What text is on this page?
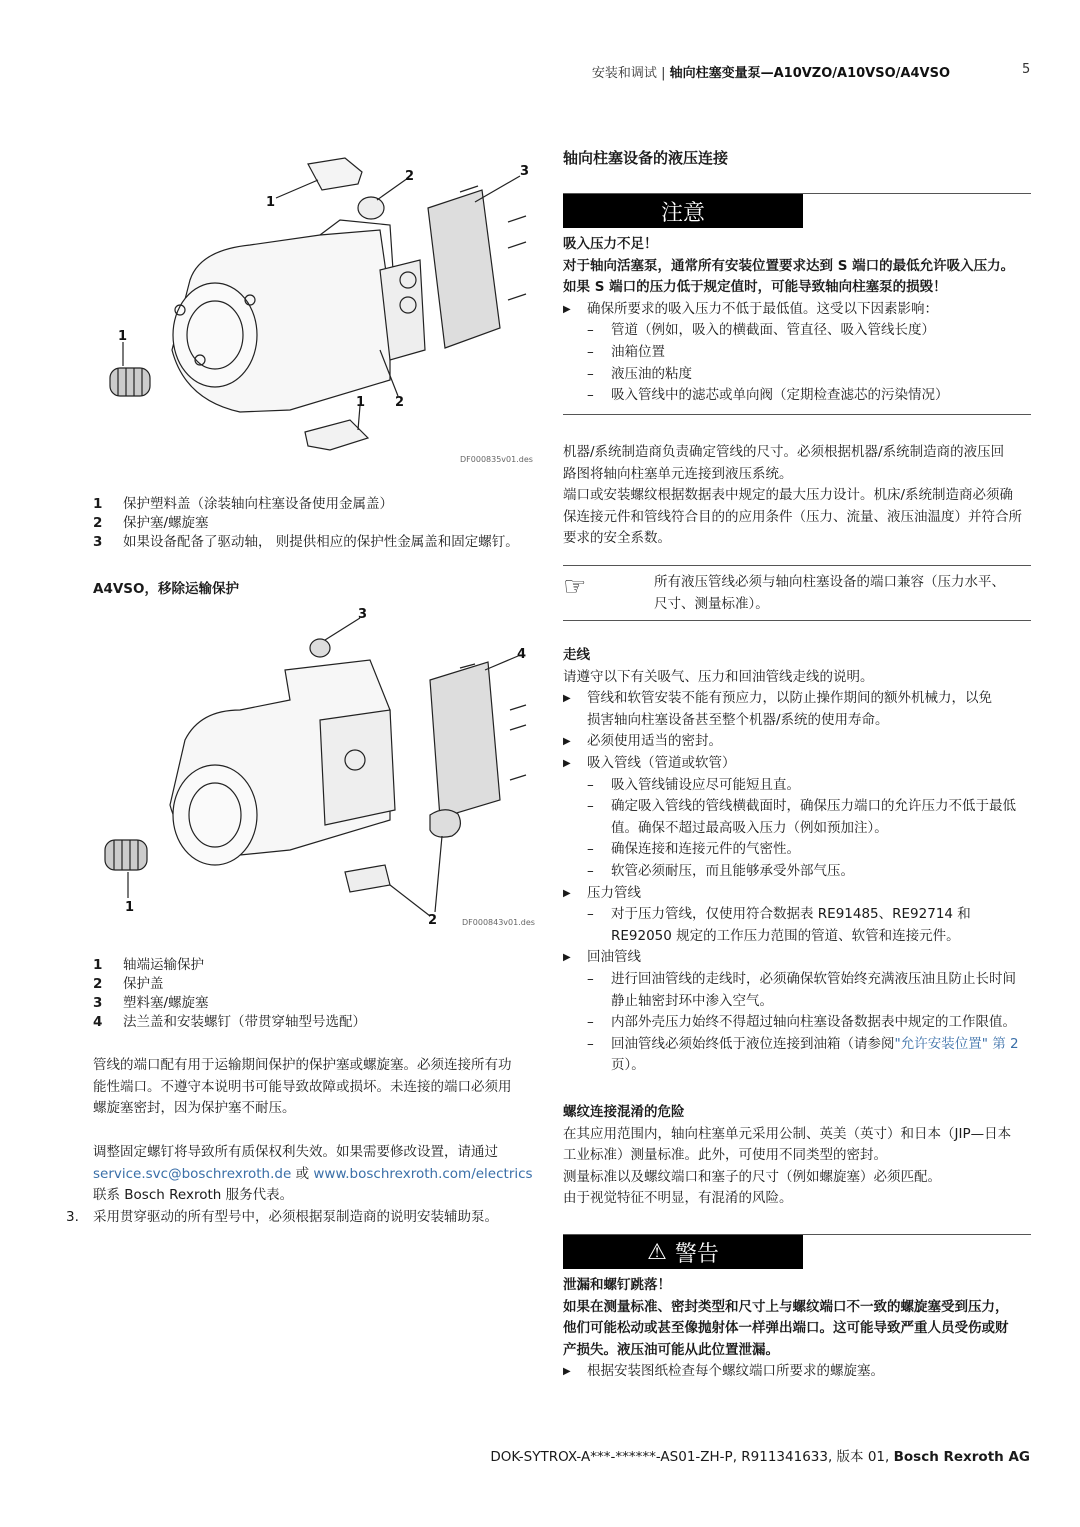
安装和调试 | 轴向柱塞变量泵—A10VZO/A10VSO/A4VSO	5
1
2	3
1
2
1
DF000835v01.des
1	保护塑料盖（涂装轴向柱塞设备使用金属盖）
2	保护塞/螺旋塞
3	如果设备配备了驱动轴， 则提供相应的保护性金属盖和固定螺钉。
A4VSO，移除运输保护
3
4
1
2	DF000843v01.des
1	轴端运输保护
2	保护盖
3	塑料塞/螺旋塞
4	法兰盖和安装螺钉（带贯穿轴型号选配）
管线的端口配有用于运输期间保护的保护塞或螺旋塞。必须连接所有功
能性端口。不遵守本说明书可能导致故障或损坏。未连接的端口必须用
螺旋塞密封，因为保护塞不耐压。
调整固定螺钉将导致所有质保权利失效。如果需要修改设置，请通过
service.svc@boschrexroth.de 或 www.boschrexroth.com/electrics
联系 Bosch Rexroth 服务代表。
3.	采用贯穿驱动的所有型号中，必须根据泵制造商的说明安装辅助泵。
轴向柱塞设备的液压连接
注意
吸入压力不足！
对于轴向活塞泵，通常所有安装位置要求达到 S 端口的最低允许吸入压力。
如果 S 端口的压力低于规定值时，可能导致轴向柱塞泵的损毁！
▶	确保所要求的吸入压力不低于最低值。这受以下因素影响：
–	管道（例如，吸入的横截面、管直径、吸入管线长度）
–	油箱位置
–	液压油的粘度
–	吸入管线中的滤芯或单向阀（定期检查滤芯的污染情况）
机器/系统制造商负责确定管线的尺寸。必须根据机器/系统制造商的液压回
路图将轴向柱塞单元连接到液压系统。
端口或安装螺纹根据数据表中规定的最大压力设计。机床/系统制造商必须确
保连接元件和管线符合目的的应用条件（压力、流量、液压油温度）并符合所
要求的安全系数。
☞	所有液压管线必须与轴向柱塞设备的端口兼容（压力水平、
尺寸、测量标准）。
走线
请遵守以下有关吸气、压力和回油管线走线的说明。
▶	管线和软管安装不能有预应力，以防止操作期间的额外机械力，以免
损害轴向柱塞设备甚至整个机器/系统的使用寿命。
▶	必须使用适当的密封。
▶	吸入管线（管道或软管）
–	吸入管线铺设应尽可能短且直。
–	确定吸入管线的管线横截面时，确保压力端口的允许压力不低于最低
值。确保不超过最高吸入压力（例如预加注）。
–	确保连接和连接元件的气密性。
–	软管必须耐压，而且能够承受外部气压。
▶	压力管线
–	对于压力管线，仅使用符合数据表 RE91485、RE92714 和
RE92050 规定的工作压力范围的管道、软管和连接元件。
▶	回油管线
–	进行回油管线的走线时，必须确保软管始终充满液压油且防止长时间
静止轴密封环中渗入空气。
–	内部外壳压力始终不得超过轴向柱塞设备数据表中规定的工作限值。
–	回油管线必须始终低于液位连接到油箱（请参阅"允许安装位置" 第 2
页）。
螺纹连接混淆的危险
在其应用范围内，轴向柱塞单元采用公制、英美（英寸）和日本（JIP—日本
工业标准）测量标准。此外，可使用不同类型的密封。
测量标准以及螺纹端口和塞子的尺寸（例如螺旋塞）必须匹配。
由于视觉特征不明显，有混淆的风险。
⚠ 警告
泄漏和螺钉跳落！
如果在测量标准、密封类型和尺寸上与螺纹端口不一致的螺旋塞受到压力，
他们可能松动或甚至像抛射体一样弹出端口。这可能导致严重人员受伤或财
产损失。液压油可能从此位置泄漏。
▶	根据安装图纸检查每个螺纹端口所要求的螺旋塞。
DOK-SYTROX-A***-******-AS01-ZH-P, R911341633, 版本 01, Bosch Rexroth AG
